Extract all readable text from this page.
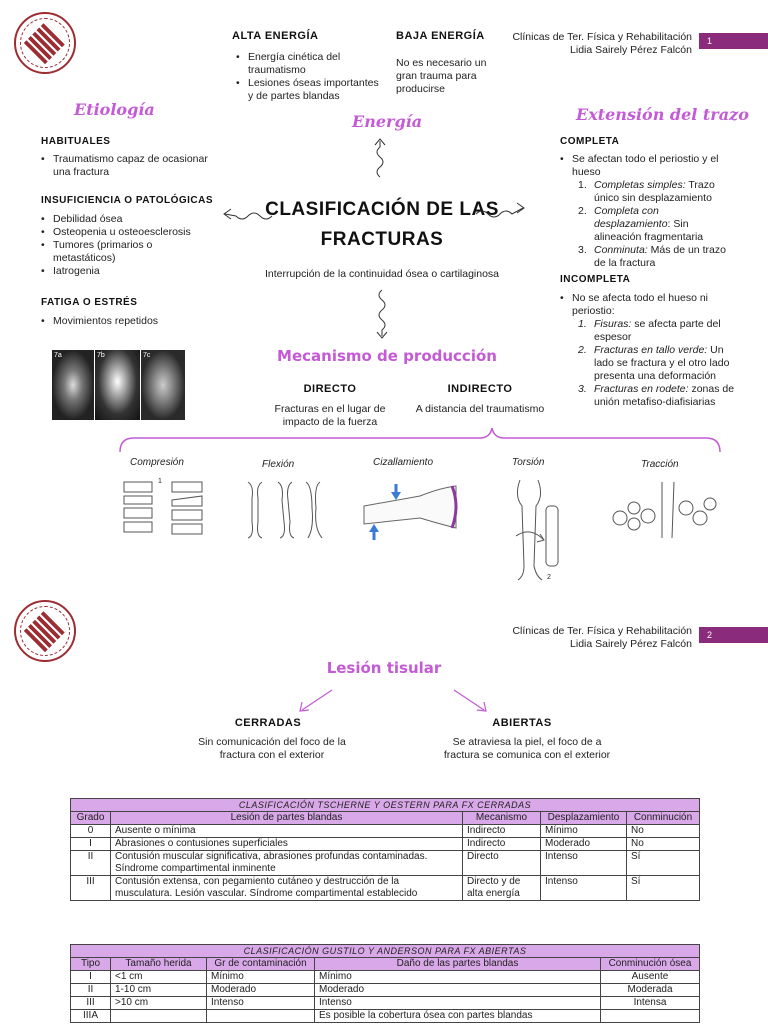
Clínicas de Ter. Física y Rehabilitación
Lidia Sairely Pérez Falcón
1
ALTA ENERGÍA
• Energía cinética del traumatismo
• Lesiones óseas importantes y de partes blandas
BAJA ENERGÍA
No es necesario un gran trauma para producirse
Energía
Etiología
HABITUALES
• Traumatismo capaz de ocasionar una fractura
INSUFICIENCIA O PATOLÓGICAS
• Debilidad ósea
• Osteopenia u osteoesclerosis
• Tumores (primarios o metastáticos)
• Iatrogenia
FATIGA O ESTRÉS
• Movimientos repetidos
7a	7b	7c
CLASIFICACIÓN DE LAS
FRACTURAS
Interrupción de la continuidad ósea o cartilaginosa
Extensión del trazo
COMPLETA
• Se afectan todo el periostio y el hueso
1. Completas simples: Trazo único sin desplazamiento
2. Completa con desplazamiento: Sin alineación fragmentaria
3. Conminuta: Más de un trazo de la fractura
INCOMPLETA
• No se afecta todo el hueso ni periostio:
1. Fisuras: se afecta parte del espesor
2. Fracturas en tallo verde: Un lado se fractura y el otro lado presenta una deformación
3. Fracturas en rodete: zonas de unión metafiso-diafisiarias
Mecanismo de producción
DIRECTO
Fracturas en el lugar de impacto de la fuerza
INDIRECTO
A distancia del traumatismo
Compresión	Flexión	Cizallamiento	Torsión	Tracción
1
2
Clínicas de Ter. Física y Rehabilitación
Lidia Sairely Pérez Falcón
2
Lesión tisular
CERRADAS
Sin comunicación del foco de la fractura con el exterior
ABIERTAS
Se atraviesa la piel, el foco de a fractura se comunica con el exterior
CLASIFICACIÓN TSCHERNE Y OESTERN PARA FX CERRADAS				
Grado	Lesión de partes blandas	Mecanismo	Desplazamiento	Conminución
0	Ausente o mínima	Indirecto	Mínimo	No
I	Abrasiones o contusiones superficiales	Indirecto	Moderado	No
II	Contusión muscular significativa, abrasiones profundas contaminadas. Síndrome compartimental inminente	Directo	Intenso	Sí
III	Contusión extensa, con pegamiento cutáneo y destrucción de la musculatura. Lesión vascular. Síndrome compartimental establecido	Directo y de alta energía	Intenso	Sí
CLASIFICACIÓN GUSTILO Y ANDERSON PARA FX ABIERTAS				
Tipo	Tamaño herida	Gr de contaminación	Daño de las partes blandas	Conminución ósea
I	<1 cm	Mínimo	Mínimo	Ausente
II	1-10 cm	Moderado	Moderado	Moderada
III	>10 cm	Intenso	Intenso	Intensa
IIIA			Es posible la cobertura ósea con partes blandas	
